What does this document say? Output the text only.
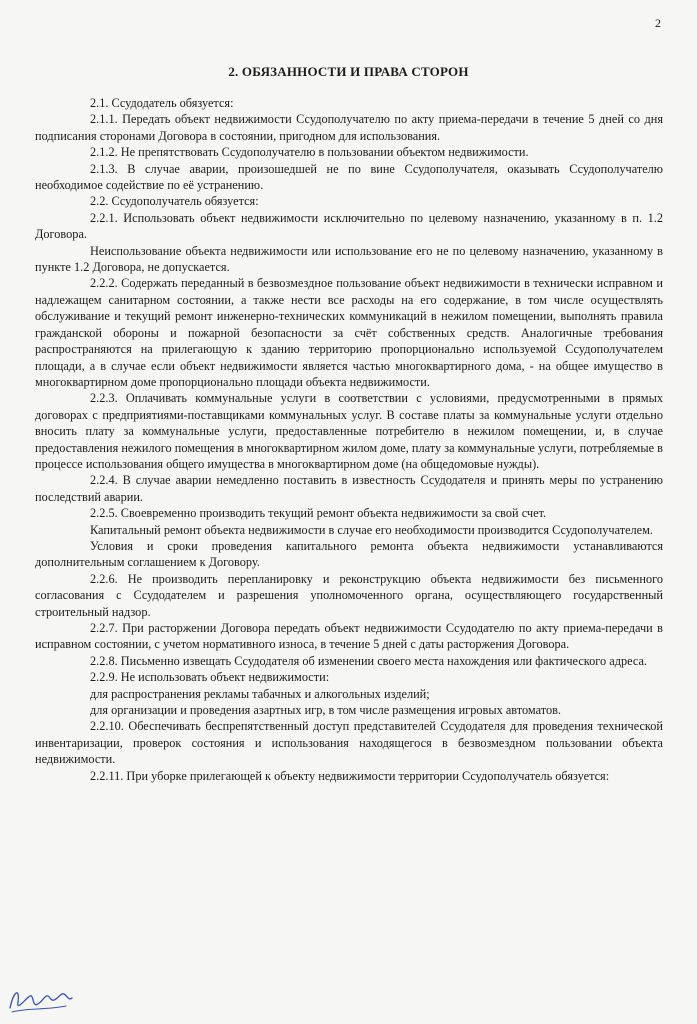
2
2. ОБЯЗАННОСТИ И ПРАВА СТОРОН

2.1. Ссудодатель обязуется:

2.1.1. Передать объект недвижимости Ссудополучателю по акту приема-передачи в течение 5 дней со дня подписания сторонами Договора в состоянии, пригодном для использования.

2.1.2. Не препятствовать Ссудополучателю в пользовании объектом недвижимости.

2.1.3. В случае аварии, произошедшей не по вине Ссудополучателя, оказывать Ссудополучателю необходимое содействие по её устранению.

2.2. Ссудополучатель обязуется:

2.2.1. Использовать объект недвижимости исключительно по целевому назначению, указанному в п. 1.2 Договора.

Неиспользование объекта недвижимости или использование его не по целевому назначению, указанному в пункте 1.2 Договора, не допускается.

2.2.2. Содержать переданный в безвозмездное пользование объект недвижимости в технически исправном и надлежащем санитарном состоянии, а также нести все расходы на его содержание, в том числе осуществлять обслуживание и текущий ремонт инженерно-технических коммуникаций в нежилом помещении, выполнять правила гражданской обороны и пожарной безопасности за счёт собственных средств. Аналогичные требования распространяются на прилегающую к зданию территорию пропорционально используемой Ссудополучателем площади, а в случае если объект недвижимости является частью многоквартирного дома, - на общее имущество в многоквартирном доме пропорционально площади объекта недвижимости.

2.2.3. Оплачивать коммунальные услуги в соответствии с условиями, предусмотренными в прямых договорах с предприятиями-поставщиками коммунальных услуг. В составе платы за коммунальные услуги отдельно вносить плату за коммунальные услуги, предоставленные потребителю в нежилом помещении, и, в случае предоставления нежилого помещения в многоквартирном жилом доме, плату за коммунальные услуги, потребляемые в процессе использования общего имущества в многоквартирном доме (на общедомовые нужды).

2.2.4. В случае аварии немедленно поставить в известность Ссудодателя и принять меры по устранению последствий аварии.

2.2.5. Своевременно производить текущий ремонт объекта недвижимости за свой счет.

Капитальный ремонт объекта недвижимости в случае его необходимости производится Ссудополучателем.

Условия и сроки проведения капитального ремонта объекта недвижимости устанавливаются дополнительным соглашением к Договору.

2.2.6. Не производить перепланировку и реконструкцию объекта недвижимости без письменного согласования с Ссудодателем и разрешения уполномоченного органа, осуществляющего государственный строительный надзор.

2.2.7. При расторжении Договора передать объект недвижимости Ссудодателю по акту приема-передачи в исправном состоянии, с учетом нормативного износа, в течение 5 дней с даты расторжения Договора.

2.2.8. Письменно извещать Ссудодателя об изменении своего места нахождения или фактического адреса.

2.2.9. Не использовать объект недвижимости:

для распространения рекламы табачных и алкогольных изделий;

для организации и проведения азартных игр, в том числе размещения игровых автоматов.

2.2.10. Обеспечивать беспрепятственный доступ представителей Ссудодателя для проведения технической инвентаризации, проверок состояния и использования находящегося в безвозмездном пользовании объекта недвижимости.

2.2.11. При уборке прилегающей к объекту недвижимости территории Ссудополучатель обязуется:
